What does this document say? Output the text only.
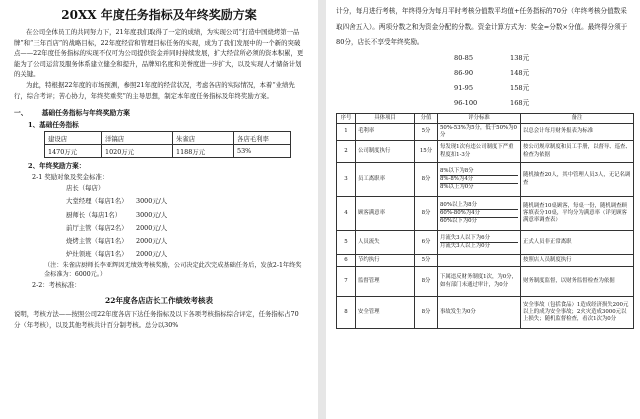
20XX 年度任务指标及年终奖励方案

在公司全体员工的共同努力下，21年度我们取得了一定的成绩，为实现公司“打造中国烧烤第一品牌”和“三年百店”的战略目标，22年度经营和管理目标任务的实现，成为了我们发展中的一个新的突破点——22年度任务指标的实现不仅可为公司提供资金并同时持续发展，扩大经营所必须的资本积累，更能为了公司运营及服务体系建立健全和提升，品牌知名度和美誉度进一步扩大，以及实现人才储备计划的关键。

为此，特根据22年度的市场预测，参照21年度的经营状况，考虑各店的实际情况，本着“业绩先行，综合考评；苦心协力，年终奖重奖”的主导思想，制定本年度任务指标及年终奖励方案。

一、 基础任务指标与年终奖励方案
1、基础任务指标
建设店	洋镐店	朱雀店	各店毛利率
1470万元	1020万元	1188万元	53%
2、年终奖励方案：
2-1 奖励对象及奖金标准：
店长（每店）
大堂经理（每店1名）	3000元/人
厨师长（每店1名）	3000元/人
前厅主管（每店2名）	2000元/人
烧烤主管（每店1名）	2000元/人
炉灶领班（每店1名）	2000元/人

（注：朱雀店厨师长李亚辉因无绩效考核奖励，公司决定此次完成基础任务后，发放2-1年终奖金标准为：6000元。）

2-2：考核标准：
22年度各店店长工作绩效考核表

说明，考核方法——按照公司22年度各店下达任务指标及以下各项考核指标综合评定，任务指标占70分（年考核），以及其他考核共计百分制考核。总分以30%

计分，每月进行考核，年终得分为每月平时考核分值数平均值+任务指标的70分（年终考核分值数采取四舍五入）。两项分数之和为资金分配的分数。资金计算方式为：奖金=分数×分值。最终得分须于80分，店长不享受年终奖励。

80-85	138元
86-90	148元
91-95	158元
96-100	168元
序号	具体项目	分值	评分标准	备注
1	毛利率	5分	50%-53%为5分，低于50%为0分	以总会计每月财务报表为标准
2	公司制度执行	15分	每发现1次有违公司制度下严重程度扣1-3分	按公司规章制度和员工手册，以督导、巡查、检查为依据
3	员工离职率	8分	8%以下为8分
8%-8%为4分
8%以上为0分	随机抽查20人，其中管理人员3人，无记名调查
4	顾客满意率	8分	80%以上为8分
60%-80%为4分
60%以下为0分	随机调查10桌顾客，每桌一份，随机调查顾客填表分10桌，平均分为满意率（详见顾客满意率调查表）
5	人员流失	6分	月流失3人以下为6分
月流失3人以上为0分	正式人员非正常离职
6	节约执行	5分		按照店人员制度执行
7	监督管理	8分	下属违反财务制度1次，为0分，如有部门未通过审计，为0分	财务制度监督，以财务监督检查为依据
8	安全管理	8分	事故发生为0分	安全事故（包括食品）1造成经济损失200元以上的成为安全事故；2火灾造成3000元以上损失；随机监督检查，看次1次为0分
